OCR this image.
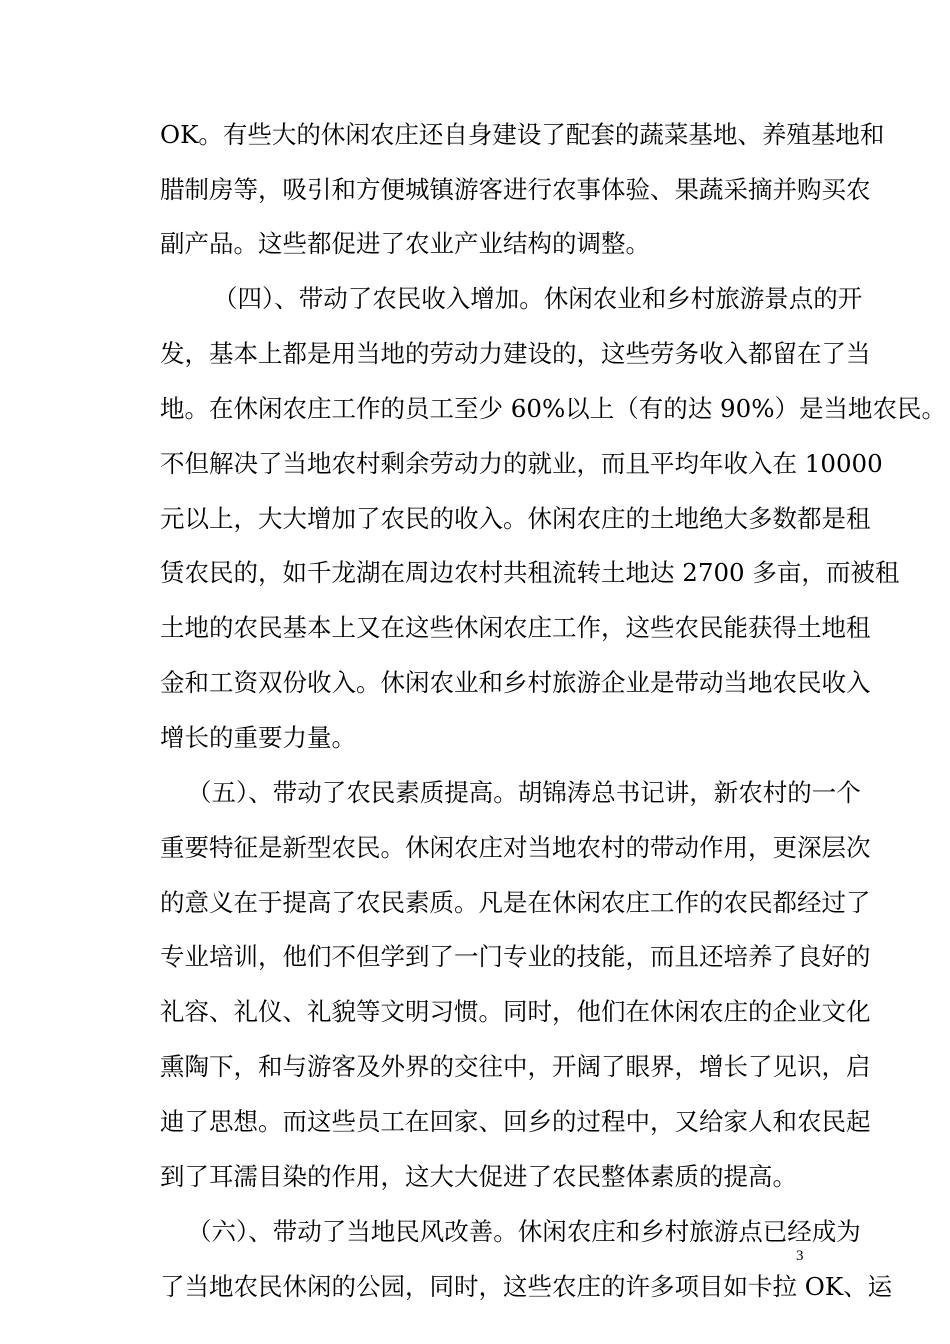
OK。有些大的休闲农庄还自身建设了配套的蔬菜基地、养殖基地和
腊制房等，吸引和方便城镇游客进行农事体验、果蔬采摘并购买农
副产品。这些都促进了农业产业结构的调整。
（四）、带动了农民收入增加。休闲农业和乡村旅游景点的开
发，基本上都是用当地的劳动力建设的，这些劳务收入都留在了当
地。在休闲农庄工作的员工至少 60%以上（有的达 90%）是当地农民。
不但解决了当地农村剩余劳动力的就业，而且平均年收入在 10000
元以上，大大增加了农民的收入。休闲农庄的土地绝大多数都是租
赁农民的，如千龙湖在周边农村共租流转土地达 2700 多亩，而被租
土地的农民基本上又在这些休闲农庄工作，这些农民能获得土地租
金和工资双份收入。休闲农业和乡村旅游企业是带动当地农民收入
增长的重要力量。
（五）、带动了农民素质提高。胡锦涛总书记讲，新农村的一个
重要特征是新型农民。休闲农庄对当地农村的带动作用，更深层次
的意义在于提高了农民素质。凡是在休闲农庄工作的农民都经过了
专业培训，他们不但学到了一门专业的技能，而且还培养了良好的
礼容、礼仪、礼貌等文明习惯。同时，他们在休闲农庄的企业文化
熏陶下，和与游客及外界的交往中，开阔了眼界，增长了见识，启
迪了思想。而这些员工在回家、回乡的过程中，又给家人和农民起
到了耳濡目染的作用，这大大促进了农民整体素质的提高。
（六）、带动了当地民风改善。休闲农庄和乡村旅游点已经成为
了当地农民休闲的公园，同时，这些农庄的许多项目如卡拉 OK、运
3
